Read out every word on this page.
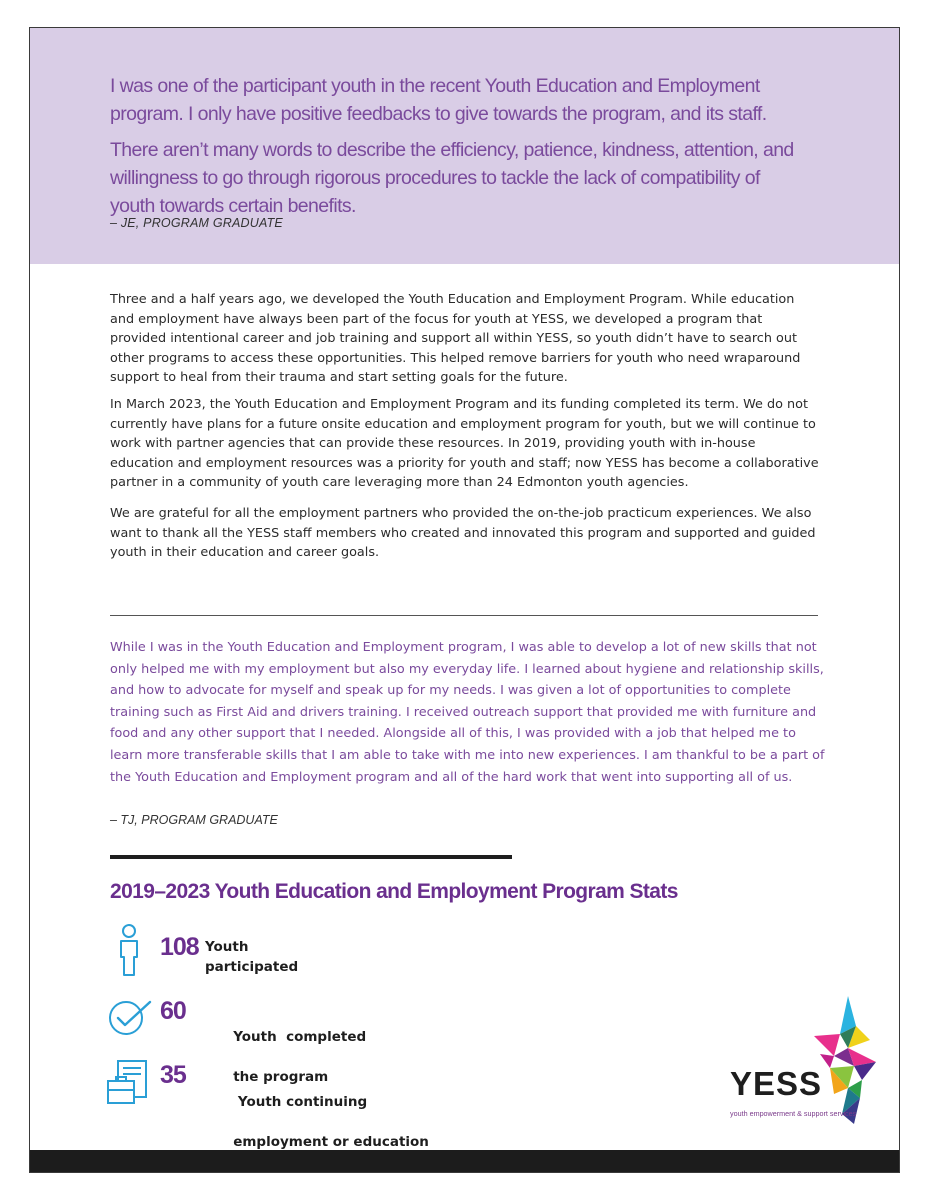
I was one of the participant youth in the recent Youth Education and Employment program. I only have positive feedbacks to give towards the program, and its staff.

There aren’t many words to describe the efficiency, patience, kindness, attention, and willingness to go through rigorous procedures to tackle the lack of compatibility of youth towards certain benefits.

– JE, PROGRAM GRADUATE

Three and a half years ago, we developed the Youth Education and Employment Program. While education and employment have always been part of the focus for youth at YESS, we developed a program that provided intentional career and job training and support all within YESS, so youth didn’t have to search out other programs to access these opportunities. This helped remove barriers for youth who need wraparound support to heal from their trauma and start setting goals for the future.

In March 2023, the Youth Education and Employment Program and its funding completed its term. We do not currently have plans for a future onsite education and employment program for youth, but we will continue to work with partner agencies that can provide these resources. In 2019, providing youth with in-house education and employment resources was a priority for youth and staff; now YESS has become a collaborative partner in a community of youth care leveraging more than 24 Edmonton youth agencies.

We are grateful for all the employment partners who provided the on-the-job practicum experiences. We also want to thank all the YESS staff members who created and innovated this program and supported and guided youth in their education and career goals.

While I was in the Youth Education and Employment program, I was able to develop a lot of new skills that not only helped me with my employment but also my everyday life. I learned about hygiene and relationship skills, and how to advocate for myself and speak up for my needs. I was given a lot of opportunities to complete training such as First Aid and drivers training. I received outreach support that provided me with furniture and food and any other support that I needed. Alongside all of this, I was provided with a job that helped me to learn more transferable skills that I am able to take with me into new experiences. I am thankful to be a part of the Youth Education and Employment program and all of the hard work that went into supporting all of us.

– TJ, PROGRAM GRADUATE
2019–2023 Youth Education and Employment Program Stats
108 Youth participated
60

Youth  completed

the program

35

Youth continuing

employment or education

YESS
youth empowerment & support services
